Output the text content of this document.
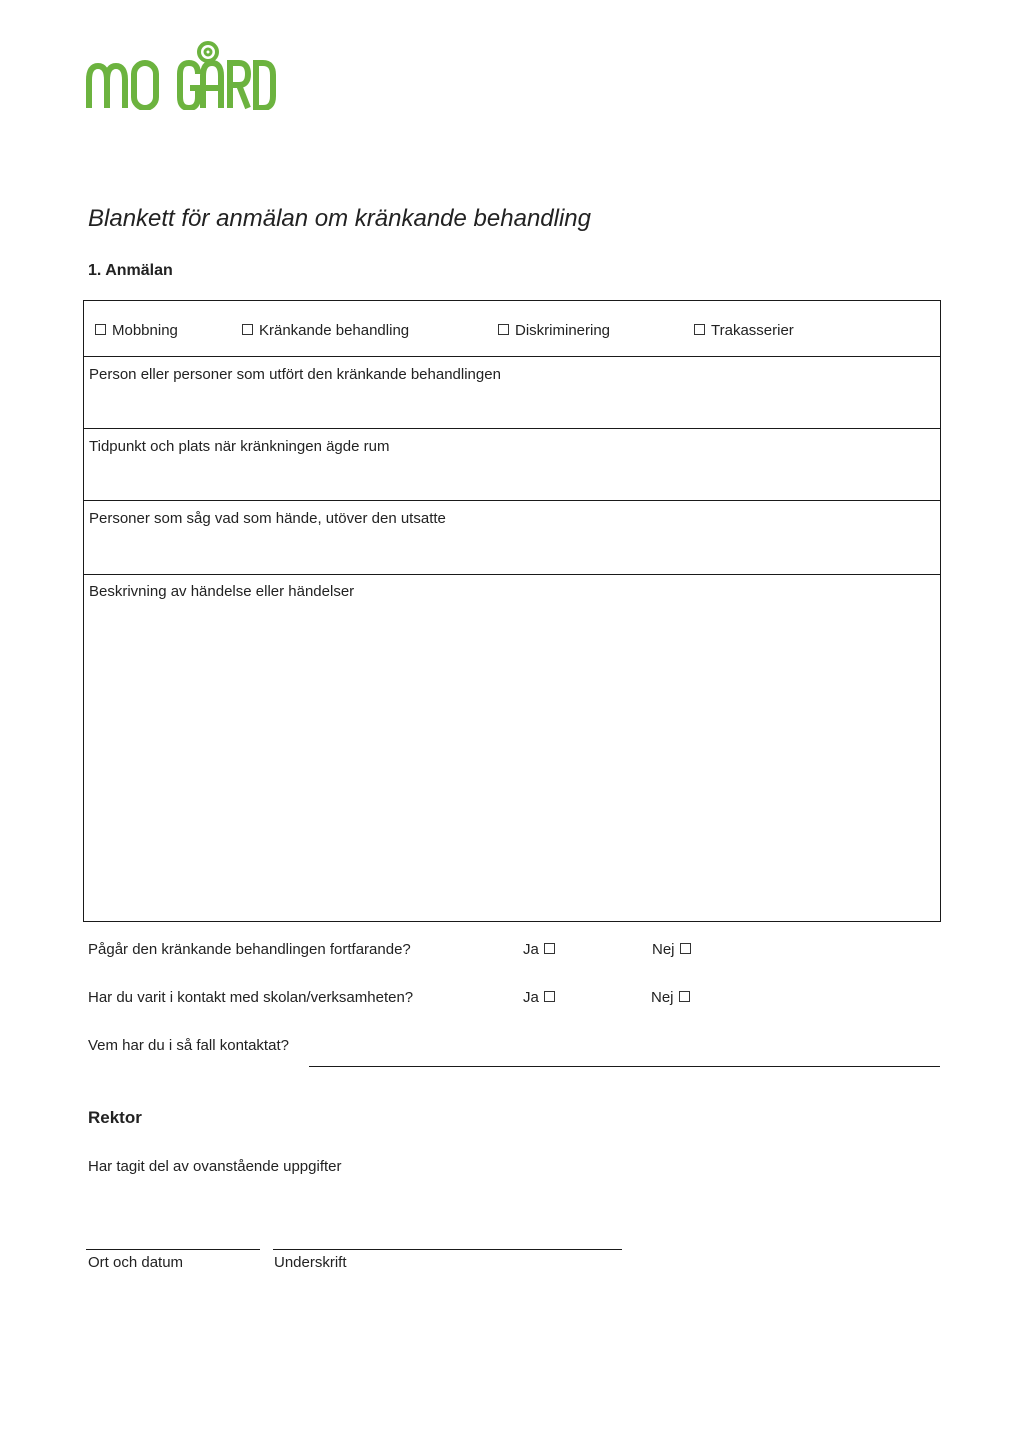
Blankett för anmälan om kränkande behandling
1. Anmälan
Mobbning	Kränkande behandling	Diskriminering	Trakasserier
Person eller personer som utfört den kränkande behandlingen
Tidpunkt och plats när kränkningen ägde rum
Personer som såg vad som hände, utöver den utsatte
Beskrivning av händelse eller händelser
Pågår den kränkande behandlingen fortfarande?	Ja	Nej
Har du varit i kontakt med skolan/verksamheten?	Ja	Nej
Vem har du i så fall kontaktat?
Rektor
Har tagit del av ovanstående uppgifter
Ort och datum	Underskrift
